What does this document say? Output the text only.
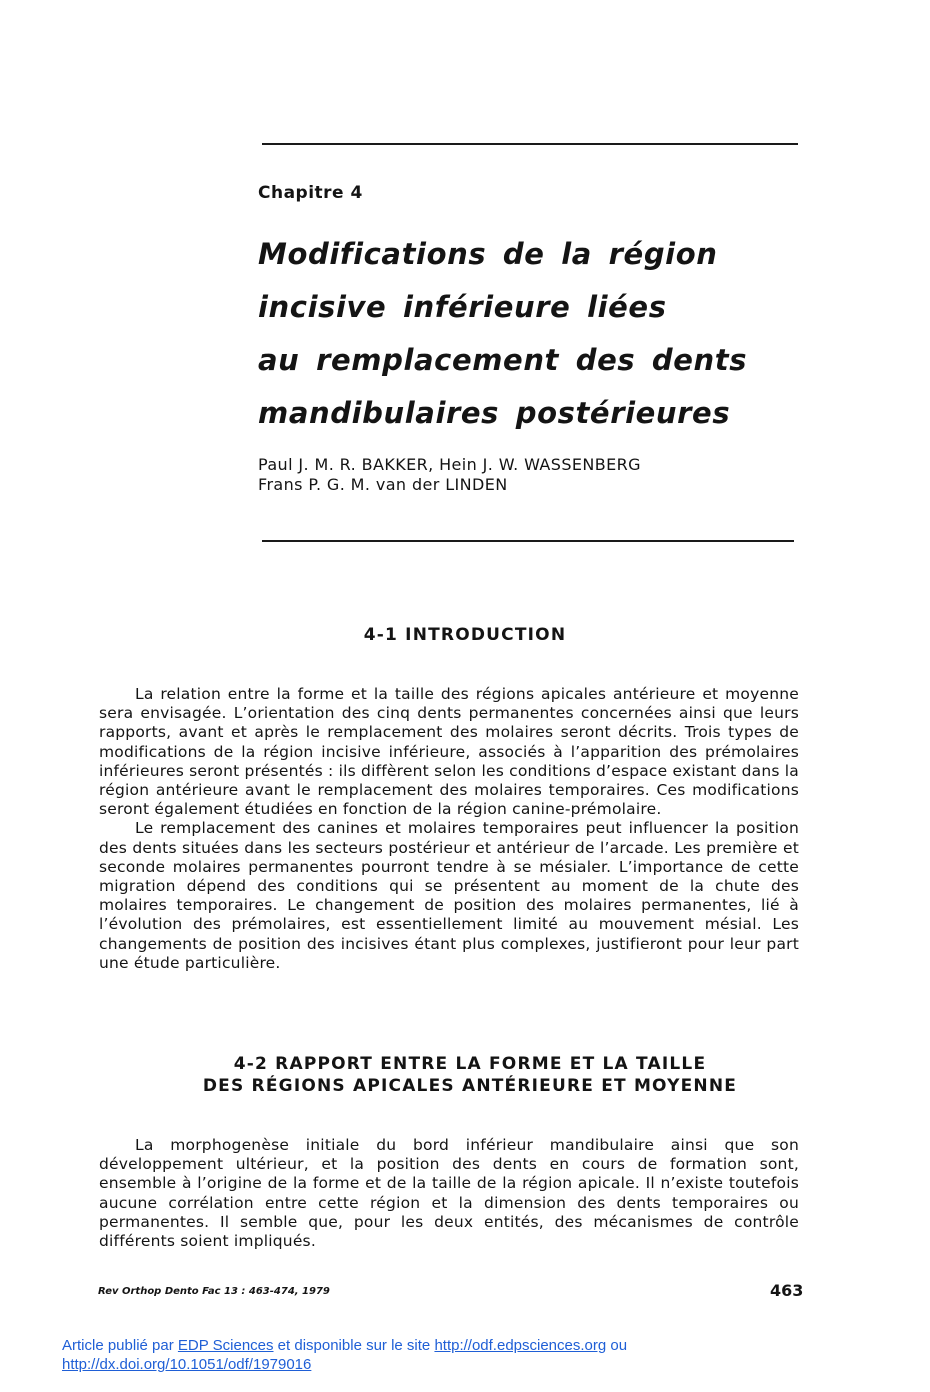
Chapitre 4
Modifications de la région
incisive inférieure liées
au remplacement des dents
mandibulaires postérieures
Paul J. M. R. BAKKER, Hein J. W. WASSENBERG
Frans P. G. M. van der LINDEN
4-1 INTRODUCTION

La relation entre la forme et la taille des régions apicales antérieure et moyenne sera envisagée. L’orientation des cinq dents permanentes concernées ainsi que leurs rapports, avant et après le remplacement des molaires seront décrits. Trois types de modifications de la région incisive inférieure, associés à l’apparition des prémolaires inférieures seront présentés : ils diffèrent selon les conditions d’espace existant dans la région antérieure avant le remplacement des molaires temporaires. Ces modifications seront également étudiées en fonction de la région canine-prémolaire.

Le remplacement des canines et molaires temporaires peut influencer la position des dents situées dans les secteurs postérieur et antérieur de l’arcade. Les première et seconde molaires permanentes pourront tendre à se mésialer. L’importance de cette migration dépend des conditions qui se présentent au moment de la chute des molaires temporaires. Le changement de position des molaires permanentes, lié à l’évolution des prémolaires, est essentiellement limité au mouvement mésial. Les changements de position des incisives étant plus complexes, justifieront pour leur part une étude particulière.

4-2 RAPPORT ENTRE LA FORME ET LA TAILLE
DES RÉGIONS APICALES ANTÉRIEURE ET MOYENNE

La morphogenèse initiale du bord inférieur mandibulaire ainsi que son développement ultérieur, et la position des dents en cours de formation sont, ensemble à l’origine de la forme et de la taille de la région apicale. Il n’existe toutefois aucune corrélation entre cette région et la dimension des dents temporaires ou permanentes. Il semble que, pour les deux entités, des mécanismes de contrôle différents soient impliqués.

Rev Orthop Dento Fac 13 : 463-474, 1979	463
Article publié par EDP Sciences et disponible sur le site http://odf.edpsciences.org ou
http://dx.doi.org/10.1051/odf/1979016
